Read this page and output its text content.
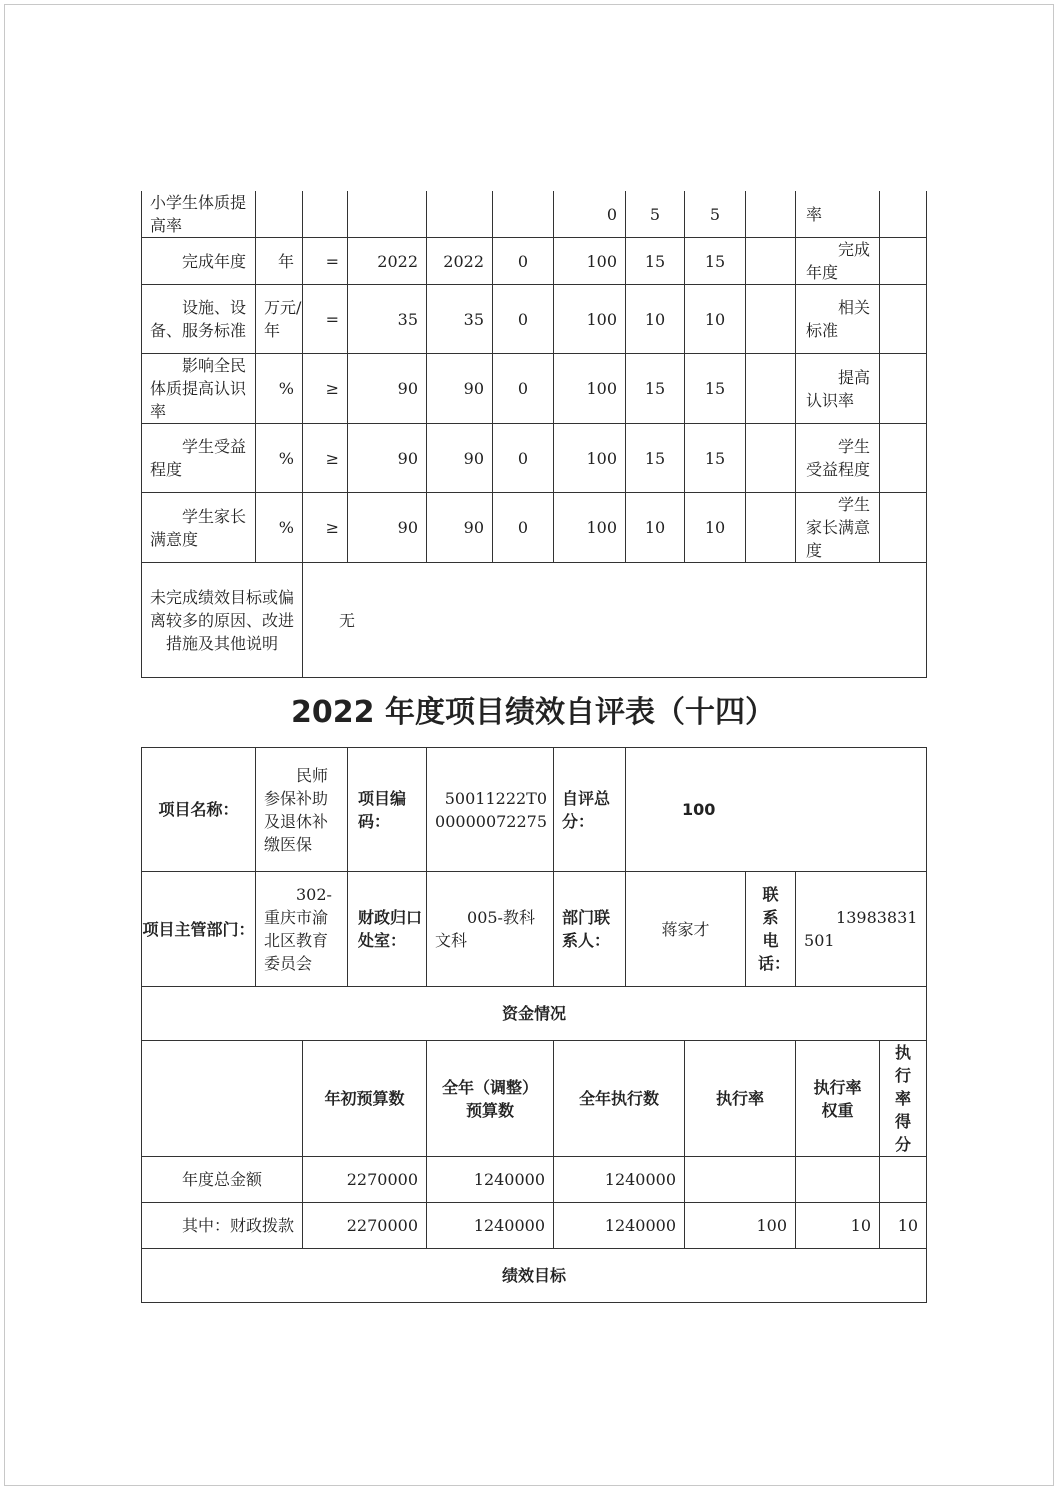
小学生体质提高率						0	5	5		率	
完成年度	年	=	2022	2022	0	100	15	15		完成年度	
设施、设备、服务标准	万元/年	=	35	35	0	100	10	10		相关标准	
影响全民体质提高认识率	%	≥	90	90	0	100	15	15		提高认识率	
学生受益程度	%	≥	90	90	0	100	15	15		学生受益程度	
学生家长满意度	%	≥	90	90	0	100	10	10		学生家长满意度	
未完成绩效目标或偏离较多的原因、改进措施及其他说明		无									
2022 年度项目绩效自评表（十四）
项目名称：	民师参保补助及退休补缴医保		项目编码：	50011222T000000072275	自评总分：	100				
项目主管部门：	302-重庆市渝北区教育委员会		财政归口处室：	005-教科文科	部门联系人：	蒋家才		联系电话：	13983831501	
资金情况										
		年初预算数		全年（调整）预算数	全年执行数		执行率		执行率权重	执行率得分
年度总金额		2270000		1240000	1240000					
其中：财政拨款		2270000		1240000	1240000		100		10	10
绩效目标										
